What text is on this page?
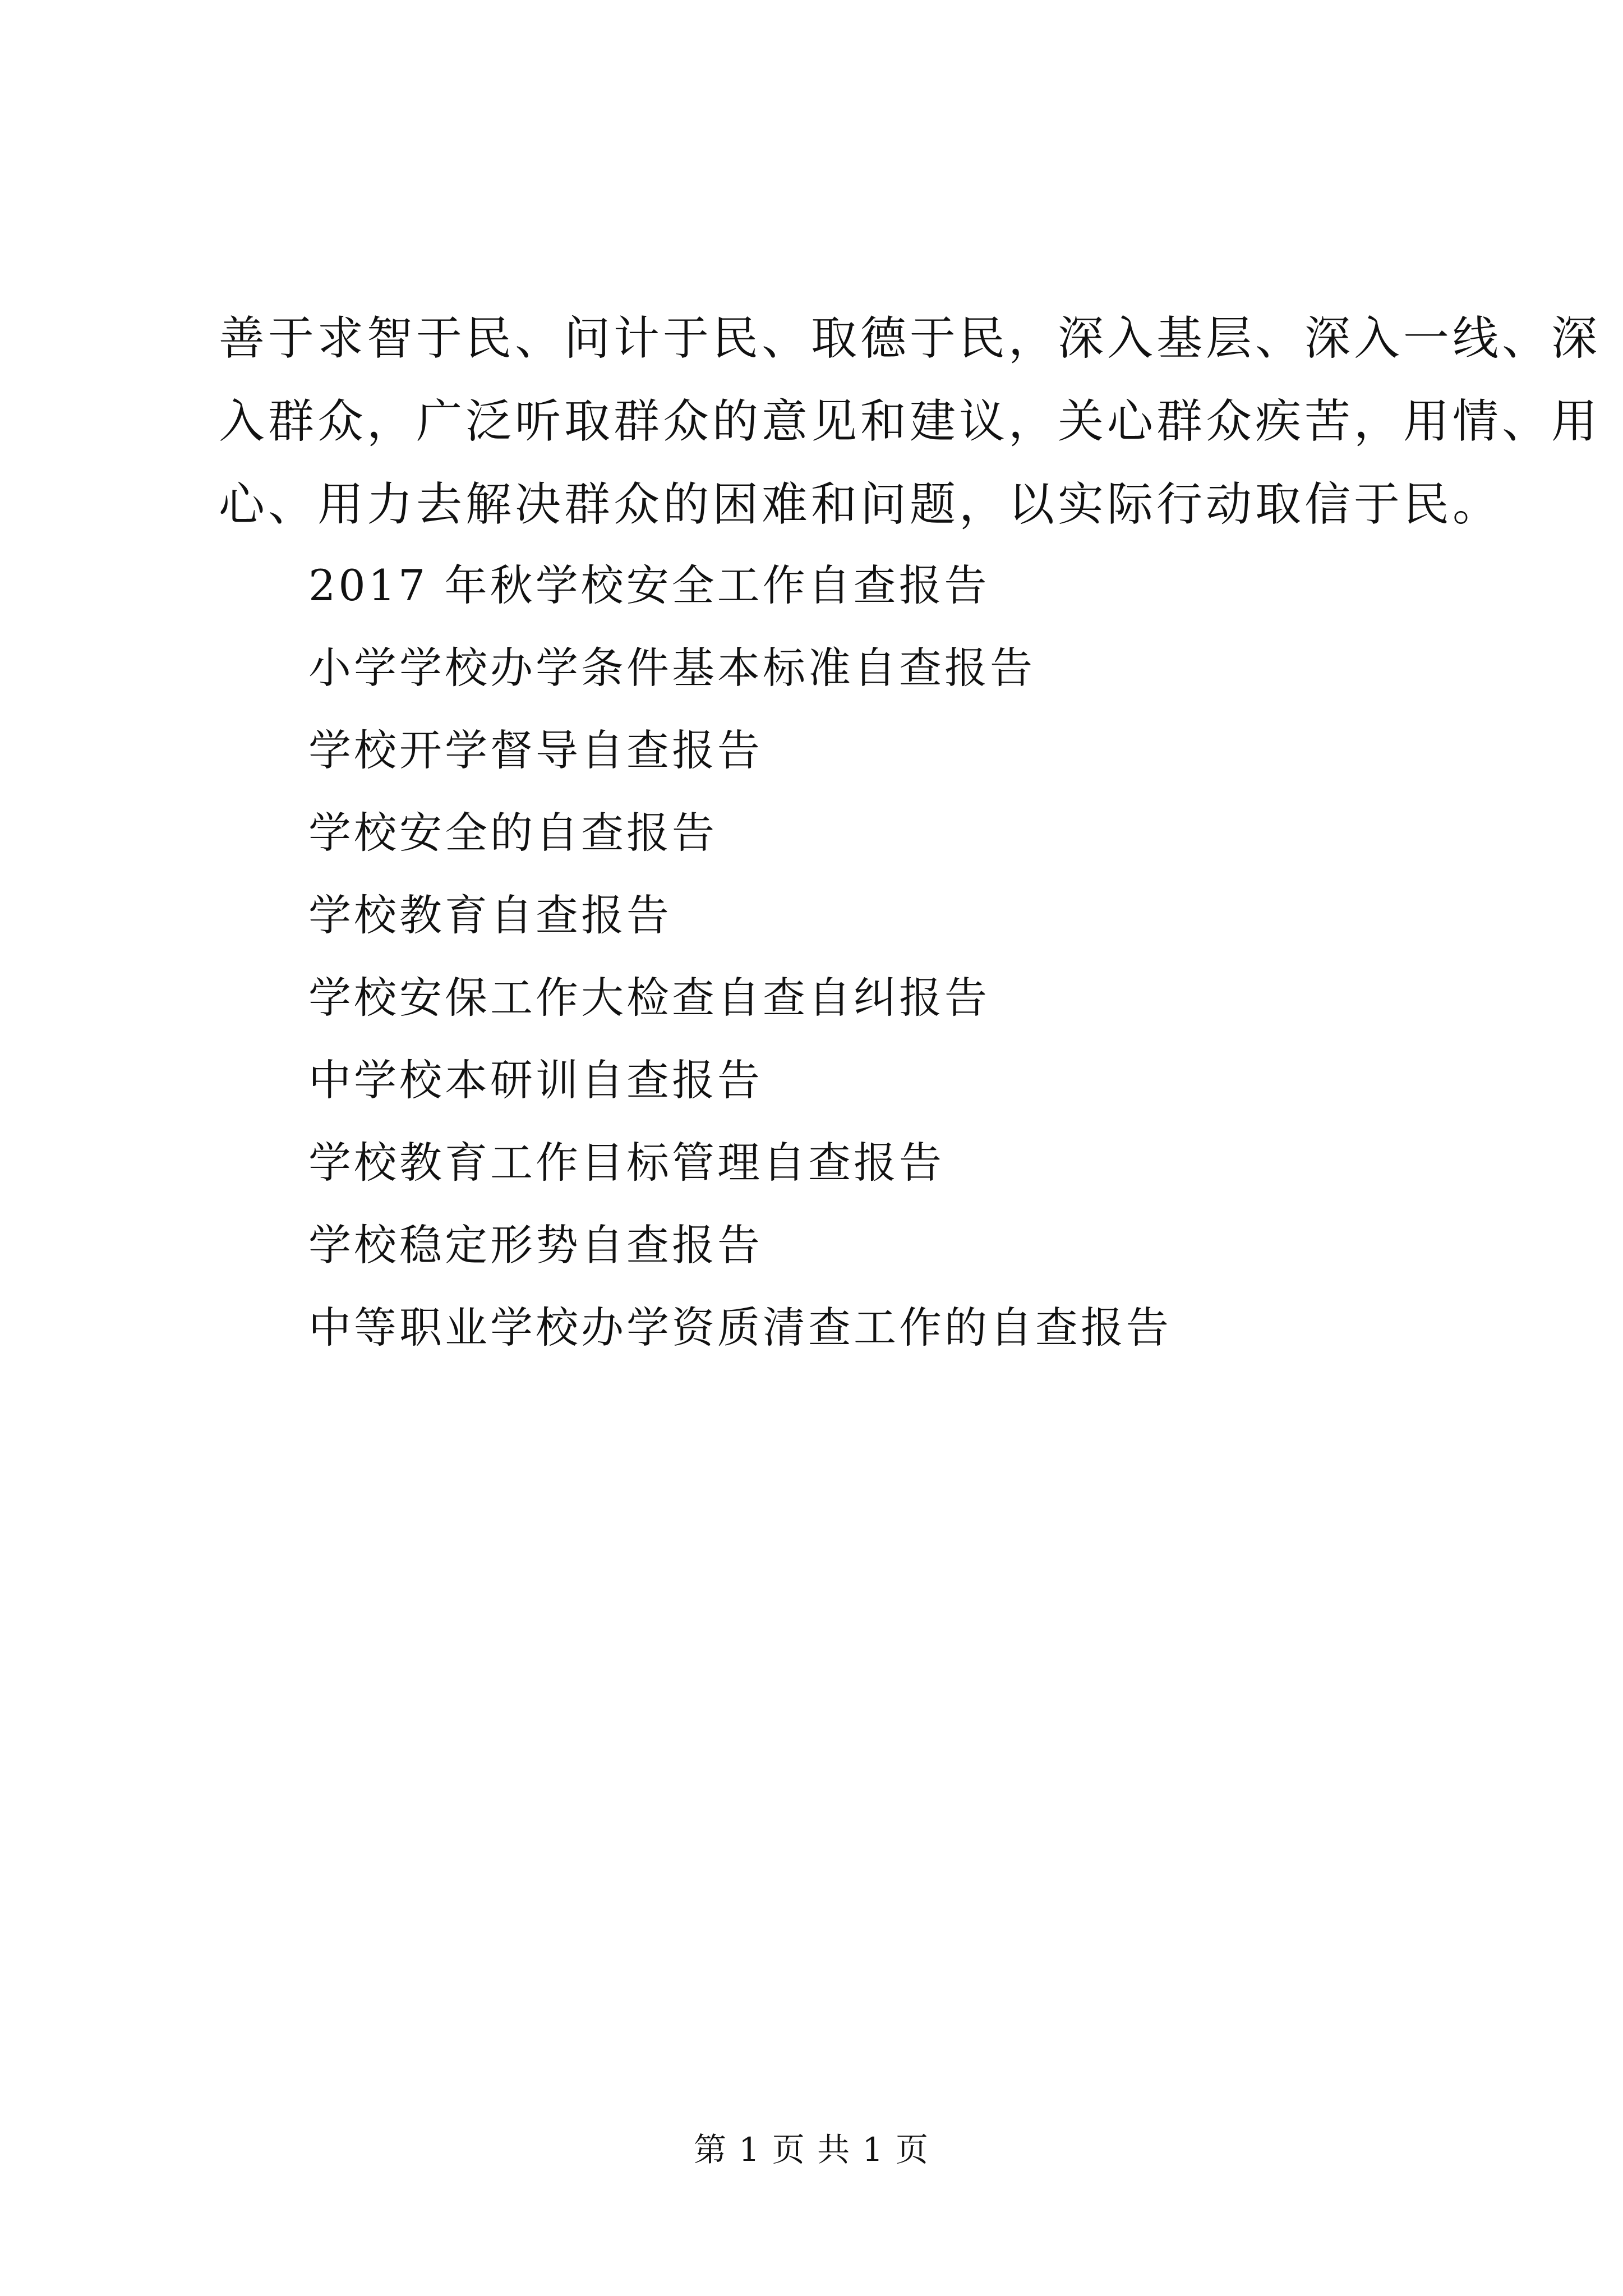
善于求智于民、问计于民、取德于民，深入基层、深入一线、深
入群众，广泛听取群众的意见和建议，关心群众疾苦，用情、用
心、用力去解决群众的困难和问题，以实际行动取信于民。
2017 年秋学校安全工作自查报告
小学学校办学条件基本标准自查报告
学校开学督导自查报告
学校安全的自查报告
学校教育自查报告
学校安保工作大检查自查自纠报告
中学校本研训自查报告
学校教育工作目标管理自查报告
学校稳定形势自查报告
中等职业学校办学资质清查工作的自查报告
第 1 页 共 1 页
